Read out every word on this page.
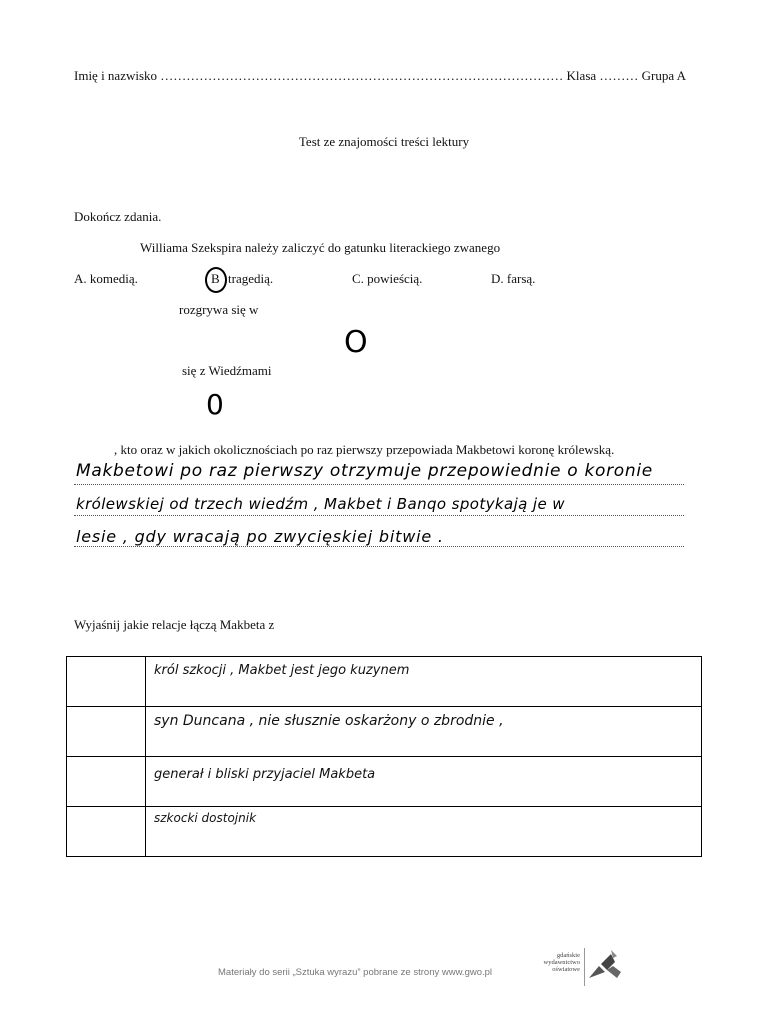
Imię i nazwisko ………………………………………………………………………………… Klasa ……… Grupa A
Test ze znajomości treści lektury
Dokończ zdania.
Williama Szekspira należy zaliczyć do gatunku literackiego zwanego
A. komedią.	B tragedią.	C. powieścią.	D. farsą.
rozgrywa się w
O
się z Wiedźmami
0
, kto oraz w jakich okolicznościach po raz pierwszy przepowiada Makbetowi koronę królewską.
Makbetowi po raz pierwszy otrzymuje przepowiednie o koronie
królewskiej od trzech wiedźm , Makbet i Banqo spotykają je w
lesie , gdy wracają po zwycięskiej bitwie .
Wyjaśnij jakie relacje łączą Makbeta z

	król szkocji , Makbet jest jego kuzynem

	syn Duncana , nie słusznie oskarżony o zbrodnie ,

	generał i bliski przyjaciel Makbeta

	szkocki dostojnik
Materiały do serii „Sztuka wyrazu” pobrane ze strony www.gwo.pl
gdańskie
wydawnictwo
oświatowe
